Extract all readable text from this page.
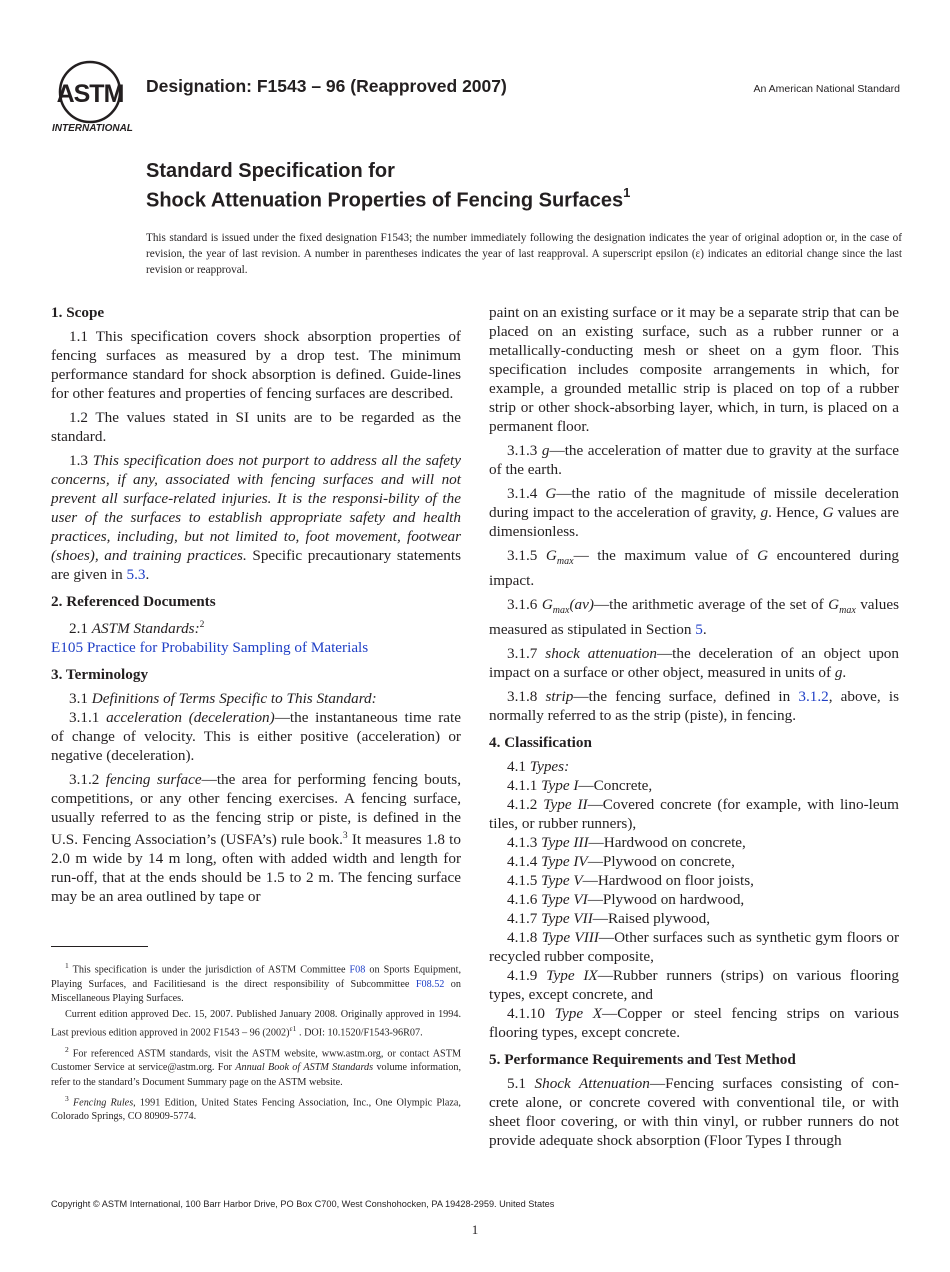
ASTM
INTERNATIONAL
Designation: F1543 – 96 (Reapproved 2007)	An American National Standard
Standard Specification for
Shock Attenuation Properties of Fencing Surfaces$^1$
This standard is issued under the fixed designation F1543; the number immediately following the designation indicates the year of original adoption or, in the case of revision, the year of last revision. A number in parentheses indicates the year of last reapproval. A superscript epsilon (ε) indicates an editorial change since the last revision or reapproval.
1. Scope

1.1 This specification covers shock absorption properties of fencing surfaces as measured by a drop test. The minimum performance standard for shock absorption is defined. Guide-lines for other features and properties of fencing surfaces are described.

1.2 The values stated in SI units are to be regarded as the standard.

1.3 This specification does not purport to address all the safety concerns, if any, associated with fencing surfaces and will not prevent all surface-related injuries. It is the responsi-bility of the user of the surfaces to establish appropriate safety and health practices, including, but not limited to, foot movement, footwear (shoes), and training practices. Specific precautionary statements are given in 5.3.

2. Referenced Documents

2.1 ASTM Standards:$^2$

E105 Practice for Probability Sampling of Materials

3. Terminology

3.1 Definitions of Terms Specific to This Standard:

3.1.1 acceleration (deceleration)—the instantaneous time rate of change of velocity. This is either positive (acceleration) or negative (deceleration).

3.1.2 fencing surface—the area for performing fencing bouts, competitions, or any other fencing exercises. A fencing surface, usually referred to as the fencing strip or piste, is defined in the U.S. Fencing Association’s (USFA’s) rule book.$^3$ It measures 1.8 to 2.0 m wide by 14 m long, often with added width and length for run-off, that at the ends should be 1.5 to 2 m. The fencing surface may be an area outlined by tape or

$^1$ This specification is under the jurisdiction of ASTM Committee F08 on Sports Equipment, Playing Surfaces, and Facilitiesand is the direct responsibility of Subcommittee F08.52 on Miscellaneous Playing Surfaces.

Current edition approved Dec. 15, 2007. Published January 2008. Originally approved in 1994. Last previous edition approved in 2002 F1543 – 96 $(2002)^{\varepsilon 1}$ . DOI: 10.1520/F1543-96R07.

$^2$ For referenced ASTM standards, visit the ASTM website, www.astm.org, or contact ASTM Customer Service at service@astm.org. For Annual Book of ASTM Standards volume information, refer to the standard’s Document Summary page on the ASTM website.

$^3$ Fencing Rules, 1991 Edition, United States Fencing Association, Inc., One Olympic Plaza, Colorado Springs, CO 80909-5774.

paint on an existing surface or it may be a separate strip that can be placed on an existing surface, such as a rubber runner or a metallically-conducting mesh or sheet on a gym floor. This specification includes composite arrangements in which, for example, a grounded metallic strip is placed on top of a rubber strip or other shock-absorbing layer, which, in turn, is placed on a permanent floor.

3.1.3 g—the acceleration of matter due to gravity at the surface of the earth.

3.1.4 G—the ratio of the magnitude of missile deceleration during impact to the acceleration of gravity, g. Hence, G values are dimensionless.

3.1.5 $G_{max}—$ the maximum value of G encountered during impact.

3.1.6 $G_{max}(av)—the$ arithmetic average of the set of $G_{max}$ values measured as stipulated in Section 5.

3.1.7 shock attenuation—the deceleration of an object upon impact on a surface or other object, measured in units of g.

3.1.8 strip—the fencing surface, defined in 3.1.2, above, is normally referred to as the strip (piste), in fencing.

4. Classification

4.1 Types:

4.1.1 Type I—Concrete,

4.1.2 Type II—Covered concrete (for example, with lino-leum tiles, or rubber runners),

4.1.3 Type III—Hardwood on concrete,

4.1.4 Type IV—Plywood on concrete,

4.1.5 Type V—Hardwood on floor joists,

4.1.6 Type VI—Plywood on hardwood,

4.1.7 Type VII—Raised plywood,

4.1.8 Type VIII—Other surfaces such as synthetic gym floors or recycled rubber composite,

4.1.9 Type IX—Rubber runners (strips) on various flooring types, except concrete, and

4.1.10 Type X—Copper or steel fencing strips on various flooring types, except concrete.

5. Performance Requirements and Test Method

5.1 Shock Attenuation—Fencing surfaces consisting of con-crete alone, or concrete covered with conventional tile, or with sheet floor covering, or with thin vinyl, or rubber runners do not provide adequate shock absorption (Floor Types I through

Copyright © ASTM International, 100 Barr Harbor Drive, PO Box C700, West Conshohocken, PA 19428-2959. United States
1
